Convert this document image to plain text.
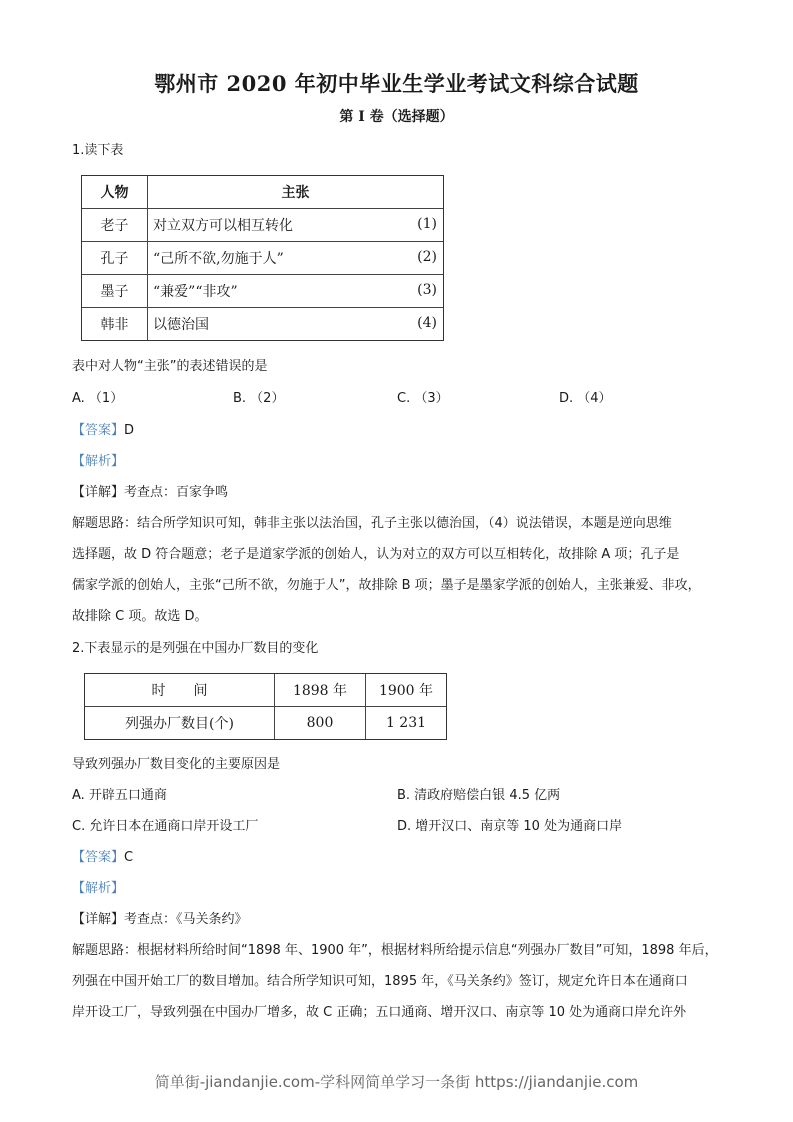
鄂州市 2020 年初中毕业生学业考试文科综合试题
第 I 卷（选择题）
1.读下表
人物	主张
老子	对立双方可以相互转化 (1)

孔子	“己所不欲,勿施于人” (2)

墨子	“兼爱”“非攻” (3)

韩非	以德治国 (4)
表中对人物“主张”的表述错误的是
A. （1）	B. （2）	C. （3）	D. （4）
【答案】D
【解析】
【详解】考查点：百家争鸣
解题思路：结合所学知识可知，韩非主张以法治国，孔子主张以德治国，（4）说法错误，本题是逆向思维
选择题，故 D 符合题意；老子是道家学派的创始人，认为对立的双方可以互相转化，故排除 A 项；孔子是
儒家学派的创始人，主张“己所不欲，勿施于人”，故排除 B 项；墨子是墨家学派的创始人，主张兼爱、非攻，
故排除 C 项。故选 D。
2.下表显示的是列强在中国办厂数目的变化
时　　间	1898 年	1900 年
列强办厂数目(个)	800	1 231
导致列强办厂数目变化的主要原因是
A. 开辟五口通商	B. 清政府赔偿白银 4.5 亿两
C. 允许日本在通商口岸开设工厂	D. 增开汉口、南京等 10 处为通商口岸
【答案】C
【解析】
【详解】考查点：《马关条约》
解题思路：根据材料所给时间“1898 年、1900 年”，根据材料所给提示信息“列强办厂数目”可知，1898 年后，
列强在中国开始工厂的数目增加。结合所学知识可知，1895 年，《马关条约》签订，规定允许日本在通商口
岸开设工厂，导致列强在中国办厂增多，故 C 正确；五口通商、增开汉口、南京等 10 处为通商口岸允许外
简单街-jiandanjie.com-学科网简单学习一条街 https://jiandanjie.com
